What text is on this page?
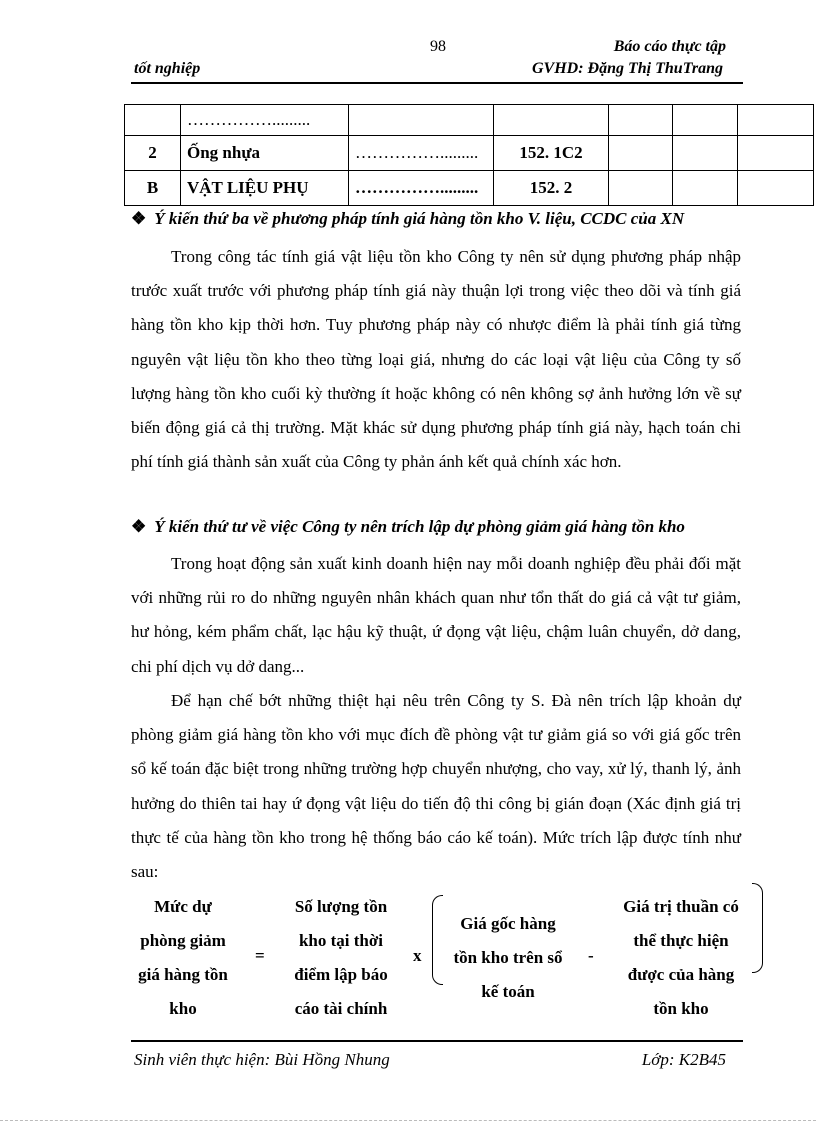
98	Báo cáo thực tập
tốt nghiệp	GVHD: Đặng Thị ThuTrang
	…………….........					
2	Ống nhựa	…………….........	152. 1C2			
B	VẬT LIỆU PHỤ	…………….........	152. 2			
❖ Ý kiến thứ ba về phương pháp tính giá hàng tồn kho V. liệu, CCDC của XN

Trong công tác tính giá vật liệu tồn kho Công ty nên sử dụng phương pháp nhập trước xuất trước với phương pháp tính giá này thuận lợi trong việc theo dõi và tính giá hàng tồn kho kịp thời hơn. Tuy phương pháp này có nhược điểm là phải tính giá từng nguyên vật liệu tồn kho theo từng loại giá, nhưng do các loại vật liệu của Công ty số lượng hàng tồn kho cuối kỳ thường ít hoặc không có nên không sợ ảnh hưởng lớn về sự biến động giá cả thị trường. Mặt khác sử dụng phương pháp tính giá này, hạch toán chi phí tính giá thành sản xuất của Công ty phản ánh kết quả chính xác hơn.

❖ Ý kiến thứ tư về việc Công ty nên trích lập dự phòng giảm giá hàng tồn kho

Trong hoạt động sản xuất kinh doanh hiện nay mỗi doanh nghiệp đều phải đối mặt với những rủi ro do những nguyên nhân khách quan như tổn thất do giá cả vật tư giảm, hư hỏng, kém phẩm chất, lạc hậu kỹ thuật, ứ đọng vật liệu, chậm luân chuyển, dở dang, chi phí dịch vụ dở dang...

Để hạn chế bớt những thiệt hại nêu trên Công ty S. Đà nên trích lập khoản dự phòng giảm giá hàng tồn kho với mục đích đề phòng vật tư giảm giá so với giá gốc trên sổ kế toán đặc biệt trong những trường hợp chuyển nhượng, cho vay, xử lý, thanh lý, ảnh hưởng do thiên tai hay ứ đọng vật liệu do tiến độ thi công bị gián đoạn (Xác định giá trị thực tế của hàng tồn kho trong hệ thống báo cáo kế toán). Mức trích lập được tính như sau:

Mức dự
phòng giảm
giá hàng tồn
kho
=
Số lượng tồn
kho tại thời
điểm lập báo
cáo tài chính
x
Giá gốc hàng
tồn kho trên sổ
kế toán
-
Giá trị thuần có
thể thực hiện
được của hàng
tồn kho
Sinh viên thực hiện: Bùi Hồng Nhung	Lớp: K2B45
